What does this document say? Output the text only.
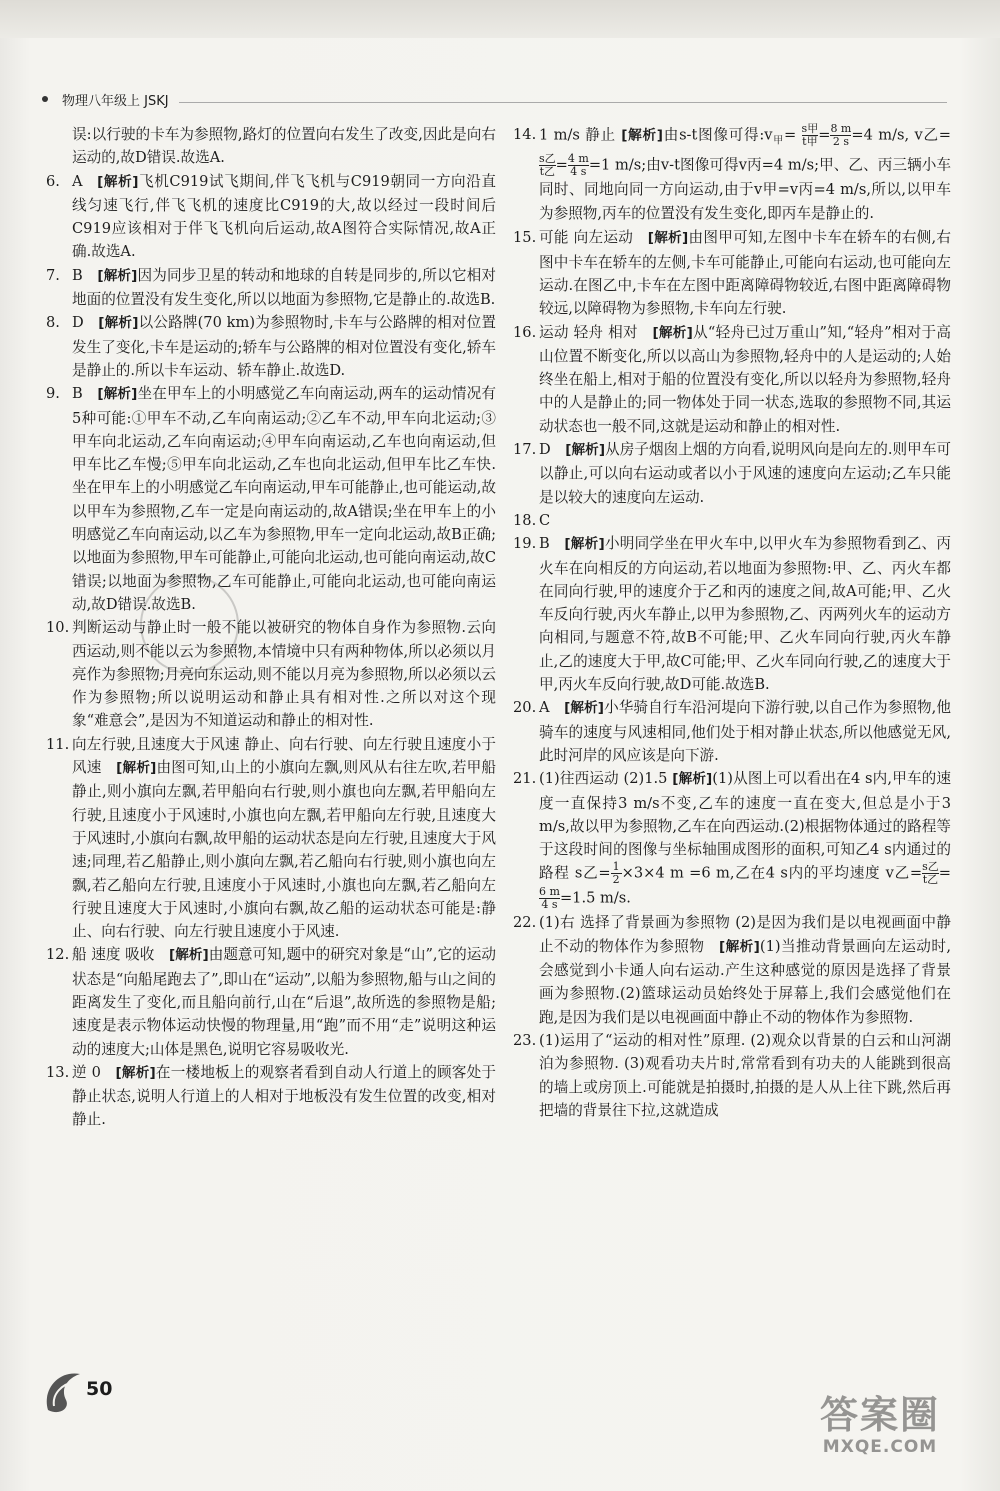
物理八年级上 JSKJ

误:以行驶的卡车为参照物,路灯的位置向右发生了改变,因此是向右运动的,故D错误.故选A.

6. A  [解析]飞机C919试飞期间,伴飞飞机与C919朝同一方向沿直线匀速飞行,伴飞飞机的速度比C919的大,故以经过一段时间后C919应该相对于伴飞飞机向后运动,故A图符合实际情况,故A正确.故选A.

7. B  [解析]因为同步卫星的转动和地球的自转是同步的,所以它相对地面的位置没有发生变化,所以以地面为参照物,它是静止的.故选B.

8. D  [解析]以公路牌(70 km)为参照物时,卡车与公路牌的相对位置发生了变化,卡车是运动的;轿车与公路牌的相对位置没有变化,轿车是静止的.所以卡车运动、轿车静止.故选D.

9. B  [解析]坐在甲车上的小明感觉乙车向南运动,两车的运动情况有5种可能:①甲车不动,乙车向南运动;②乙车不动,甲车向北运动;③甲车向北运动,乙车向南运动;④甲车向南运动,乙车也向南运动,但甲车比乙车慢;⑤甲车向北运动,乙车也向北运动,但甲车比乙车快.坐在甲车上的小明感觉乙车向南运动,甲车可能静止,也可能运动,故以甲车为参照物,乙车一定是向南运动的,故A错误;坐在甲车上的小明感觉乙车向南运动,以乙车为参照物,甲车一定向北运动,故B正确;以地面为参照物,甲车可能静止,可能向北运动,也可能向南运动,故C错误;以地面为参照物,乙车可能静止,可能向北运动,也可能向南运动,故D错误.故选B.

10. 判断运动与静止时一般不能以被研究的物体自身作为参照物.云向西运动,则不能以云为参照物,本情境中只有两种物体,所以必须以月亮作为参照物;月亮向东运动,则不能以月亮为参照物,所以必须以云作为参照物;所以说明运动和静止具有相对性.之所以对这个现象“难意会”,是因为不知道运动和静止的相对性.

11. 向左行驶,且速度大于风速 静止、向右行驶、向左行驶且速度小于风速  [解析]由图可知,山上的小旗向左飘,则风从右往左吹,若甲船静止,则小旗向左飘,若甲船向右行驶,则小旗也向左飘,若甲船向左行驶,且速度小于风速时,小旗也向左飘,若甲船向左行驶,且速度大于风速时,小旗向右飘,故甲船的运动状态是向左行驶,且速度大于风速;同理,若乙船静止,则小旗向左飘,若乙船向右行驶,则小旗也向左飘,若乙船向左行驶,且速度小于风速时,小旗也向左飘,若乙船向左行驶且速度大于风速时,小旗向右飘,故乙船的运动状态可能是:静止、向右行驶、向左行驶且速度小于风速.

12. 船 速度 吸收  [解析]由题意可知,题中的研究对象是“山”,它的运动状态是“向船尾跑去了”,即山在“运动”,以船为参照物,船与山之间的距离发生了变化,而且船向前行,山在“后退”,故所选的参照物是船;速度是表示物体运动快慢的物理量,用“跑”而不用“走”说明这种运动的速度大;山体是黑色,说明它容易吸收光.

13. 逆 0  [解析]在一楼地板上的观察者看到自动人行道上的顾客处于静止状态,说明人行道上的人相对于地板没有发生位置的改变,相对静止.

14. 1 m/s 静止 [解析]由s-t图像可得$:v_甲= s$甲
t甲 = $\frac{8 m}{2 s} =4$ m/s, v乙=
s乙
t乙 = $\frac{4 m}{4 s} =1$ m/s;由v-t图像可得v丙=4 m/s;甲、乙、丙三辆小车同时、同地向同一方向运动,由于v甲=v丙=4 m/s,所以,以甲车为参照物,丙车的位置没有发生变化,即丙车是静止的.

15. 可能 向左运动  [解析]由图甲可知,左图中卡车在轿车的右侧,右图中卡车在轿车的左侧,卡车可能静止,可能向右运动,也可能向左运动.在图乙中,卡车在左图中距离障碍物较近,右图中距离障碍物较远,以障碍物为参照物,卡车向左行驶.

16. 运动 轻舟 相对  [解析]从“轻舟已过万重山”知,“轻舟”相对于高山位置不断变化,所以以高山为参照物,轻舟中的人是运动的;人始终坐在船上,相对于船的位置没有变化,所以以轻舟为参照物,轻舟中的人是静止的;同一物体处于同一状态,选取的参照物不同,其运动状态也一般不同,这就是运动和静止的相对性.

17. D  [解析]从房子烟囱上烟的方向看,说明风向是向左的.则甲车可以静止,可以向右运动或者以小于风速的速度向左运动;乙车只能是以较大的速度向左运动.

18. C 

19. B  [解析]小明同学坐在甲火车中,以甲火车为参照物看到乙、丙火车在向相反的方向运动,若以地面为参照物:甲、乙、丙火车都在同向行驶,甲的速度介于乙和丙的速度之间,故A可能;甲、乙火车反向行驶,丙火车静止,以甲为参照物,乙、丙两列火车的运动方向相同,与题意不符,故B不可能;甲、乙火车同向行驶,丙火车静止,乙的速度大于甲,故C可能;甲、乙火车同向行驶,乙的速度大于甲,丙火车反向行驶,故D可能.故选B.

20. A  [解析]小华骑自行车沿河堤向下游行驶,以自己作为参照物,他骑车的速度与风速相同,他们处于相对静止状态,所以他感觉无风,此时河岸的风应该是向下游.

21. (1)往西运动 (2)1.5 [解析](1)从图上可以看出在4 s内,甲车的速度一直保持3 m/s不变,乙车的速度一直在变大,但总是小于3 m/s,故以甲为参照物,乙车在向西运动.(2)根据物体通过的路程等于这段时间的图像与坐标轴围成图形的面积,可知乙4 s内通过的路程 s乙= $\frac{1}{2} \times 3\times 4$ m =6 m,乙在4 s内的平均速度 v乙= s乙
t乙 =
$\frac{6 m}{4 s} =1.5$ m/s.

22. (1)右 选择了背景画为参照物 (2)是因为我们是以电视画面中静止不动的物体作为参照物  [解析](1)当推动背景画向左运动时,会感觉到小卡通人向右运动.产生这种感觉的原因是选择了背景画为参照物.(2)篮球运动员始终处于屏幕上,我们会感觉他们在跑,是因为我们是以电视画面中静止不动的物体作为参照物.

23. (1)运用了“运动的相对性”原理. (2)观众以背景的白云和山河湖泊为参照物. (3)观看功夫片时,常常看到有功夫的人能跳到很高的墙上或房顶上.可能就是拍摄时,拍摄的是人从上往下跳,然后再把墙的背景往下拉,这就造成

50
答案圈
MXQE.COM
